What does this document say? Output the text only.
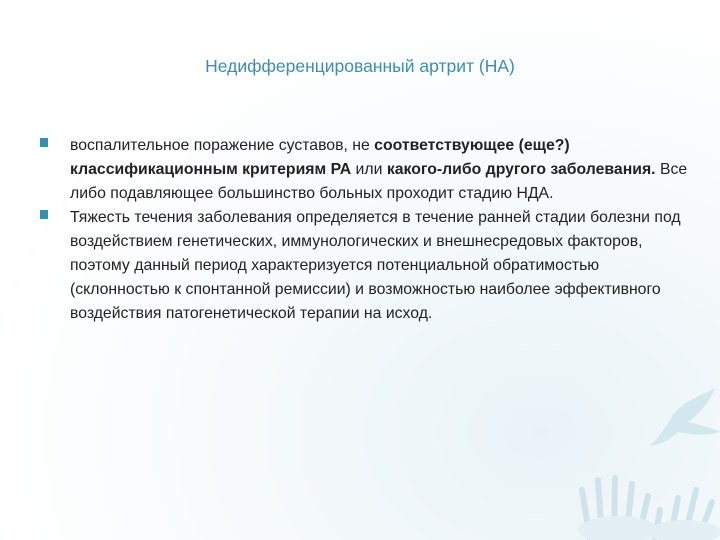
Недифференцированный артрит (НА)
воспалительное поражение суставов, не соответствующее (еще?) классификационным критериям РА или какого-либо другого заболевания. Все либо подавляющее большинство больных проходит стадию НДА.
Тяжесть течения заболевания определяется в течение ранней стадии болезни под воздействием генетических, иммунологических и внешнесредовых факторов, поэтому данный период характеризуется потенциальной обратимостью (склонностью к спонтанной ремиссии) и возможностью наиболее эффективного воздействия патогенетической терапии на исход.
